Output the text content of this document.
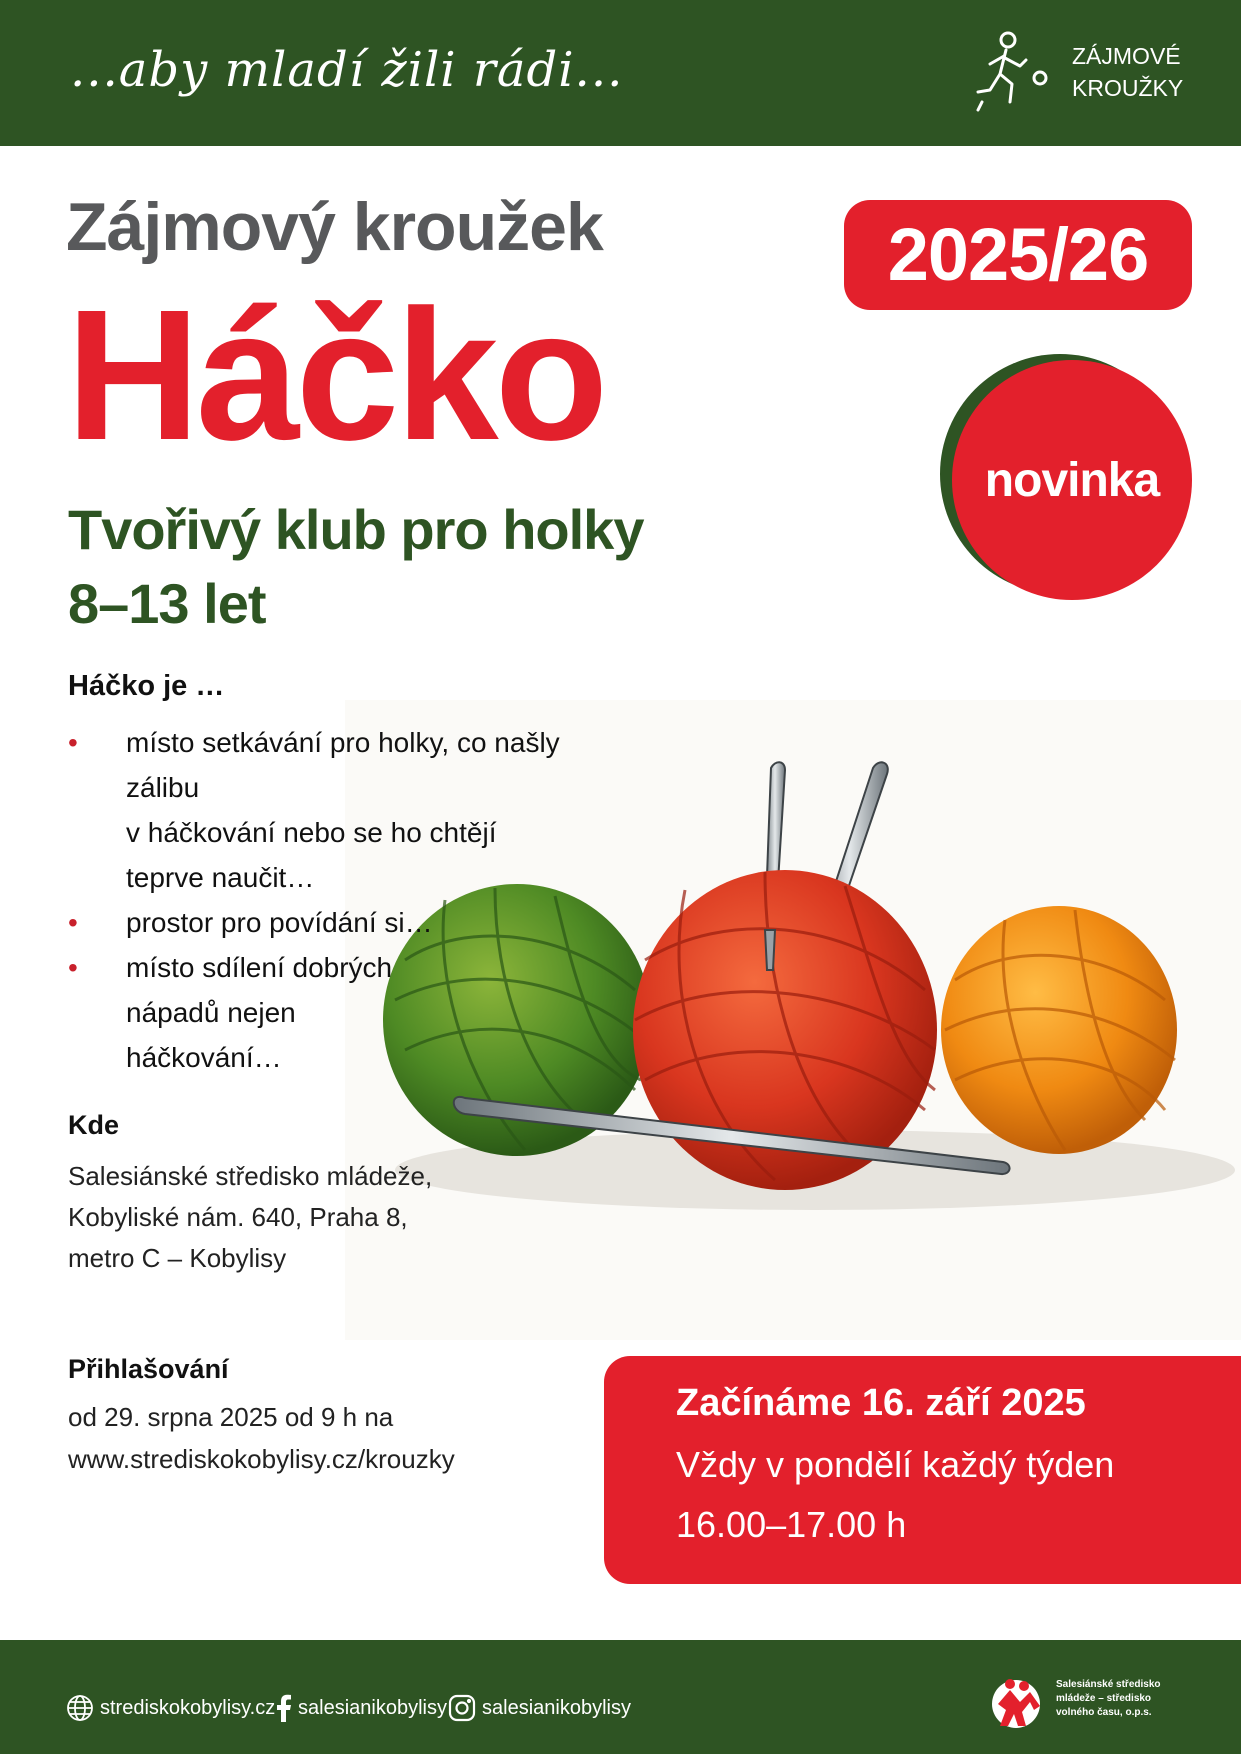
...aby mladí žili rádi...	ZÁJMOVÉ
KROUŽKY
Zájmový kroužek
Háčko
Tvořivý klub pro holky
8–13 let
2025/26
novinka
Háčko je …
• místo setkávání pro holky, co našly zálibu
v háčkování nebo se ho chtějí
teprve naučit…
• prostor pro povídání si…
• místo sdílení dobrých
nápadů nejen
háčkování…
Kde
Salesiánské středisko mládeže,
Kobyliské nám. 640, Praha 8,
metro C – Kobylisy
Přihlašování
od 29. srpna 2025 od 9 h na
www.strediskokobylisy.cz/krouzky
Začínáme 16. září 2025
Vždy v pondělí každý týden
16.00–17.00 h
strediskokobylisy.cz salesianikobylisy salesianikobylisy
Salesiánské středisko
mládeže – středisko
volného času, o.p.s.
